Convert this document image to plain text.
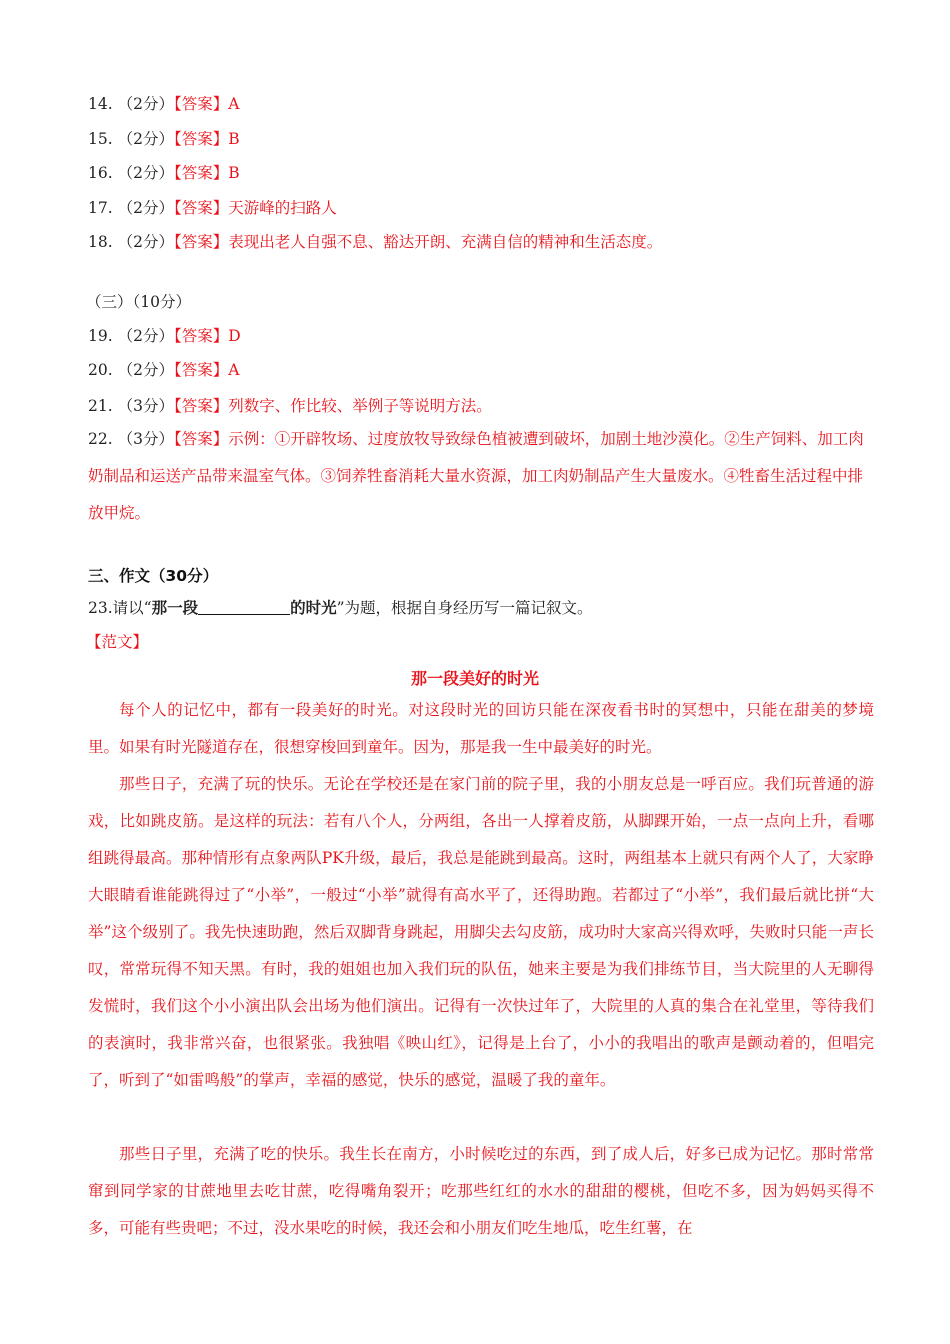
14. （2分）【答案】A
15. （2分）【答案】B
16. （2分）【答案】B
17. （2分）【答案】天游峰的扫路人
18. （2分）【答案】表现出老人自强不息、豁达开朗、充满自信的精神和生活态度。
（三）（10分）
19. （2分）【答案】D
20. （2分）【答案】A
21. （3分）【答案】列数字、作比较、举例子等说明方法。

22. （3分）【答案】示例：①开辟牧场、过度放牧导致绿色植被遭到破坏，加剧土地沙漠化。②生产饲料、加工肉奶制品和运送产品带来温室气体。③饲养牲畜消耗大量水资源，加工肉奶制品产生大量废水。④牲畜生活过程中排放甲烷。

三、作文（30分）
23.请以“那一段	的时光”为题，根据自身经历写一篇记叙文。
【范文】
那一段美好的时光

每个人的记忆中，都有一段美好的时光。对这段时光的回访只能在深夜看书时的冥想中，只能在甜美的梦境里。如果有时光隧道存在，很想穿梭回到童年。因为，那是我一生中最美好的时光。

那些日子，充满了玩的快乐。无论在学校还是在家门前的院子里，我的小朋友总是一呼百应。我们玩普通的游戏，比如跳皮筋。是这样的玩法：若有八个人，分两组，各出一人撑着皮筋，从脚踝开始，一点一点向上升，看哪组跳得最高。那种情形有点象两队PK升级，最后，我总是能跳到最高。这时，两组基本上就只有两个人了，大家睁大眼睛看谁能跳得过了“小举”，一般过“小举”就得有高水平了，还得助跑。若都过了“小举”，我们最后就比拼“大举”这个级别了。我先快速助跑，然后双脚背身跳起，用脚尖去勾皮筋，成功时大家高兴得欢呼，失败时只能一声长叹，常常玩得不知天黑。有时，我的姐姐也加入我们玩的队伍，她来主要是为我们排练节目，当大院里的人无聊得发慌时，我们这个小小演出队会出场为他们演出。记得有一次快过年了，大院里的人真的集合在礼堂里，等待我们的表演时，我非常兴奋，也很紧张。我独唱《映山红》，记得是上台了，小小的我唱出的歌声是颤动着的，但唱完了，听到了“如雷鸣般”的掌声，幸福的感觉，快乐的感觉，温暖了我的童年。

那些日子里，充满了吃的快乐。我生长在南方，小时候吃过的东西，到了成人后，好多已成为记忆。那时常常窜到同学家的甘蔗地里去吃甘蔗，吃得嘴角裂开；吃那些红红的水水的甜甜的樱桃，但吃不多，因为妈妈买得不多，可能有些贵吧；不过，没水果吃的时候，我还会和小朋友们吃生地瓜，吃生红薯，在
